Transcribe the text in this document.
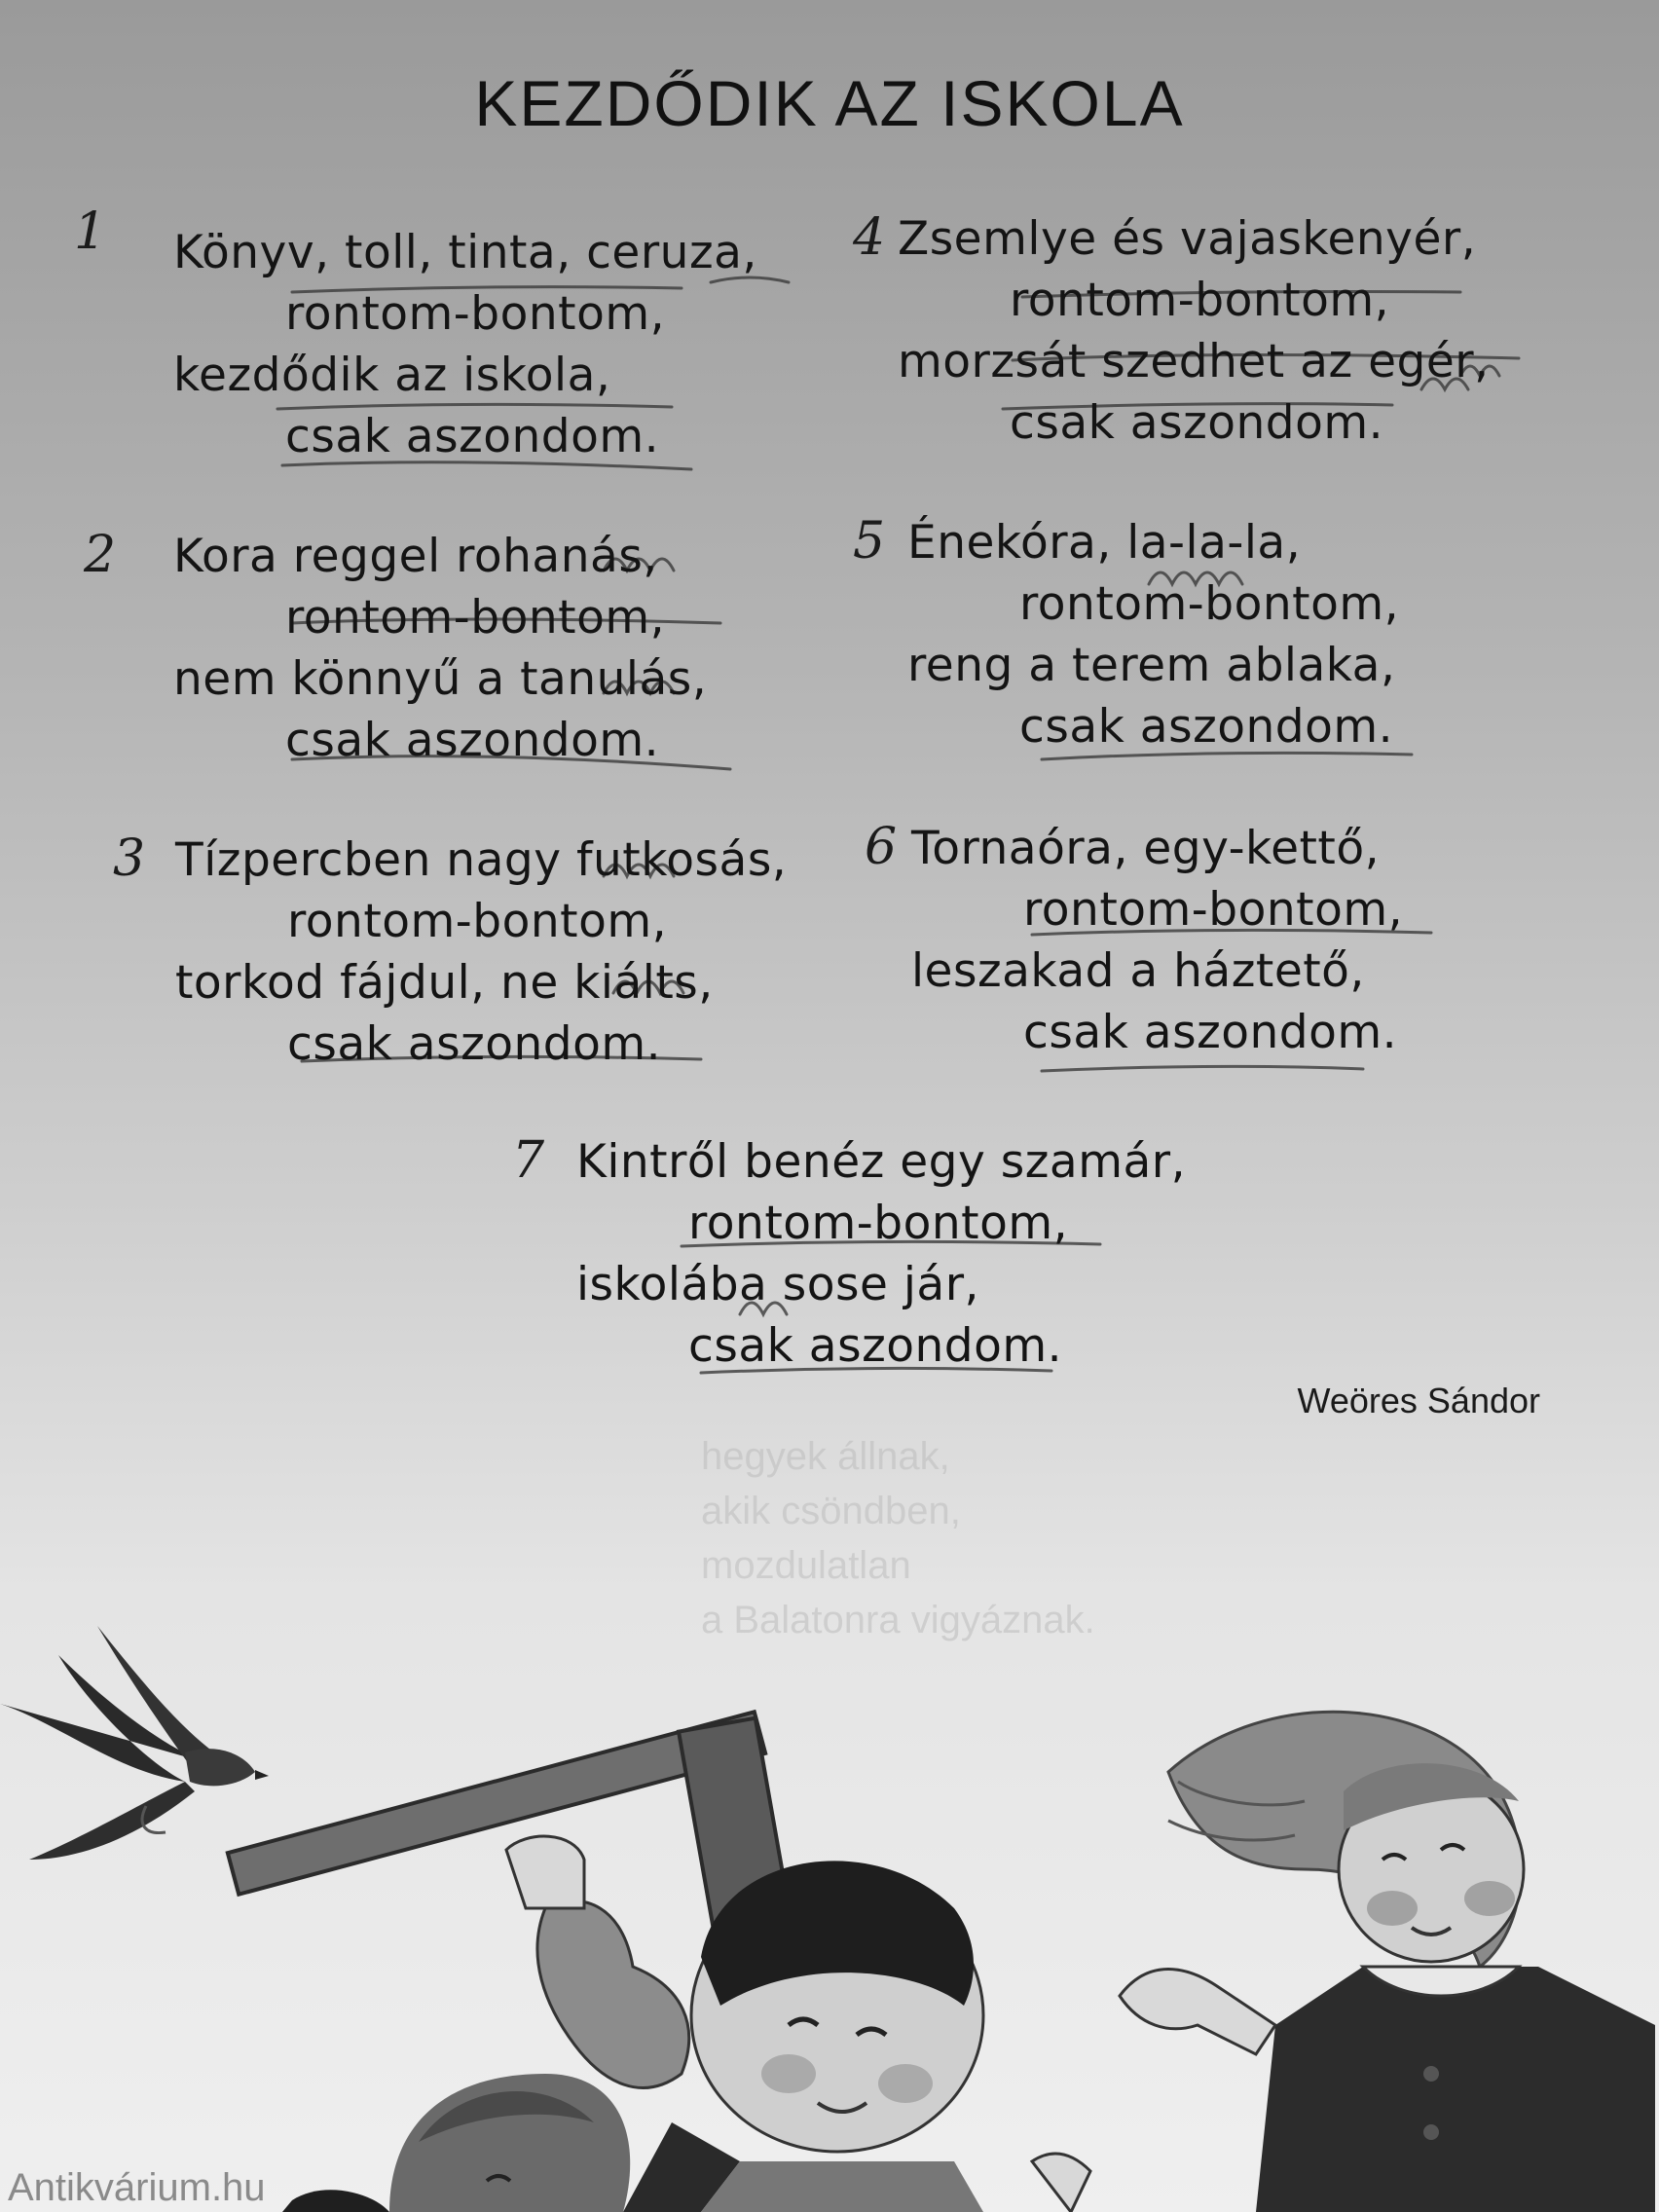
KEZDŐDIK AZ ISKOLA
hegyek állnak,
akik csöndben,
mozdulatlan
a Balatonra vigyáznak.
Könyv, toll, tinta, ceruza,
rontom-bontom,
kezdődik az iskola,
csak aszondom.
1
Kora reggel rohanás,
rontom-bontom,
nem könnyű a tanulás,
csak aszondom.
2
Tízpercben nagy futkosás,
rontom-bontom,
torkod fájdul, ne kiálts,
csak aszondom.
3
Zsemlye és vajaskenyér,
rontom-bontom,
morzsát szedhet az egér,
csak aszondom.
4
Énekóra, la-la-la,
rontom-bontom,
reng a terem ablaka,
csak aszondom.
5
Tornaóra, egy-kettő,
rontom-bontom,
leszakad a háztető,
csak aszondom.
6
Kintről benéz egy szamár,
rontom-bontom,
iskolába sose jár,
csak aszondom.
7
Weöres Sándor
Antikvárium.hu
